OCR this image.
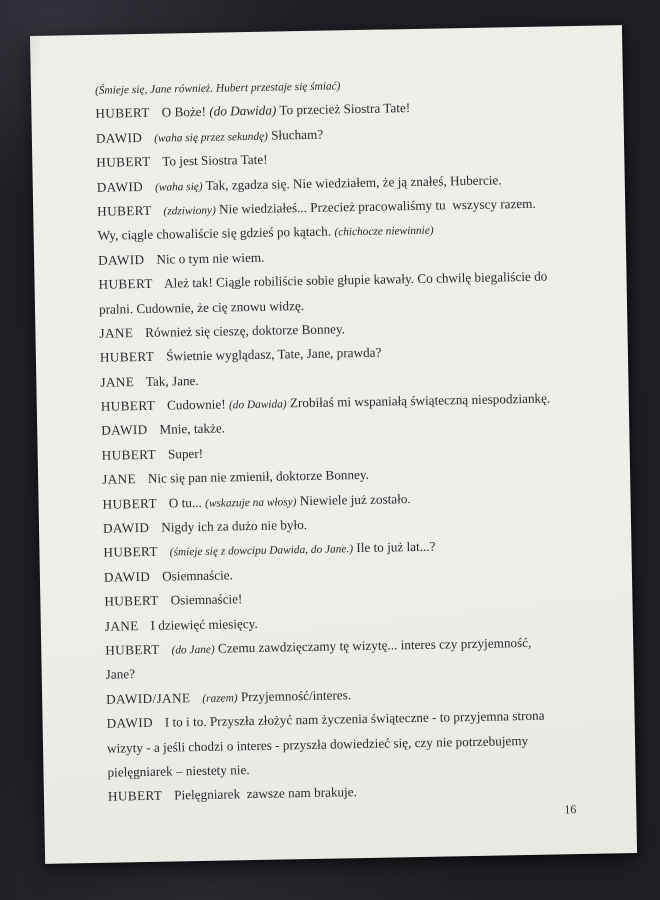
(Śmieje się, Jane również. Hubert przestaje się śmiać)
HUBERT   O Boże! (do Dawida) To przecież Siostra Tate!
DAWID (waha się przez sekundę) Słucham?
HUBERT   To jest Siostra Tate!
DAWID (waha się) Tak, zgadza się. Nie wiedziałem, że ją znałeś, Hubercie.
HUBERT (zdziwiony) Nie wiedziałeś... Przecież pracowaliśmy tu  wszyscy razem.
Wy, ciągle chowaliście się gdzieś po kątach. (chichocze niewinnie)
DAWID   Nic o tym nie wiem.
HUBERT   Ależ tak! Ciągle robiliście sobie głupie kawały. Co chwilę biegaliście do
pralni. Cudownie, że cię znowu widzę.
JANE   Również się cieszę, doktorze Bonney.
HUBERT   Świetnie wyglądasz, Tate, Jane, prawda?
JANE   Tak, Jane.
HUBERT   Cudownie! (do Dawida) Zrobiłaś mi wspaniałą świąteczną niespodziankę.
DAWID   Mnie, także.
HUBERT   Super!
JANE   Nic się pan nie zmienił, doktorze Bonney.
HUBERT   O tu... (wskazuje na włosy) Niewiele już zostało.
DAWID   Nigdy ich za dużo nie było.
HUBERT (śmieje się z dowcipu Dawida, do Jane.) Ile to już lat...?
DAWID   Osiemnaście.
HUBERT   Osiemnaście!
JANE   I dziewięć miesięcy.
HUBERT (do Jane) Czemu zawdzięczamy tę wizytę... interes czy przyjemność,
Jane?
DAWID/JANE (razem) Przyjemność/interes.
DAWID   I to i to. Przyszła złożyć nam życzenia świąteczne - to przyjemna strona
wizyty - a jeśli chodzi o interes - przyszła dowiedzieć się, czy nie potrzebujemy
pielęgniarek – niestety nie.
HUBERT   Pielęgniarek  zawsze nam brakuje.
16
